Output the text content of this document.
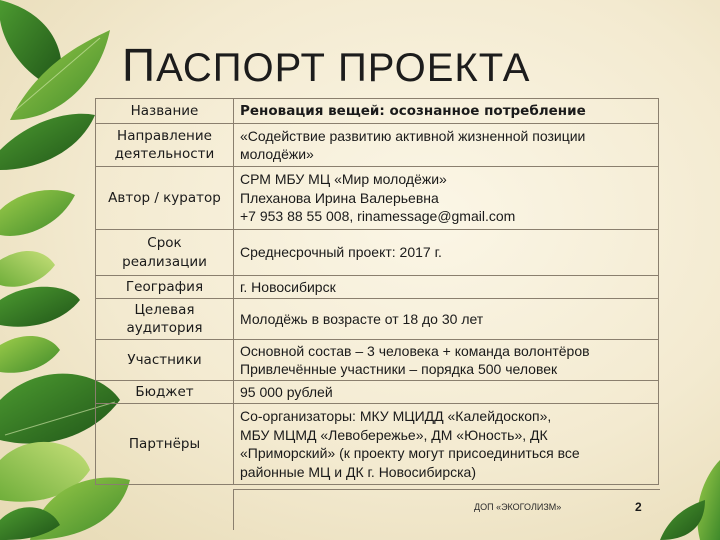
ПАСПОРТ ПРОЕКТА
Название	Реновация вещей: осознанное потребление

Направление
деятельности	«Содействие развитию активной жизненной позиции
молодёжи»

Автор / куратор	СРМ МБУ МЦ «Мир молодёжи»
Плеханова Ирина Валерьевна
+7 953 88 55 008, rinamessage@gmail.com

Срок
реализации	Среднесрочный проект: 2017 г.

География	г. Новосибирск

Целевая
аудитория	Молодёжь в возрасте от 18 до 30 лет

Участники	Основной состав – 3 человека + команда волонтёров
Привлечённые участники – порядка 500 человек

Бюджет	95 000 рублей

Партнёры	Со-организаторы: МКУ МЦИДД «Калейдоскоп»,
МБУ МЦМД «Левобережье», ДМ «Юность», ДК
«Приморский» (к проекту могут присоединиться все
районные МЦ и ДК г. Новосибирска)
ДОП «ЭКОГОЛИЗМ»	2
